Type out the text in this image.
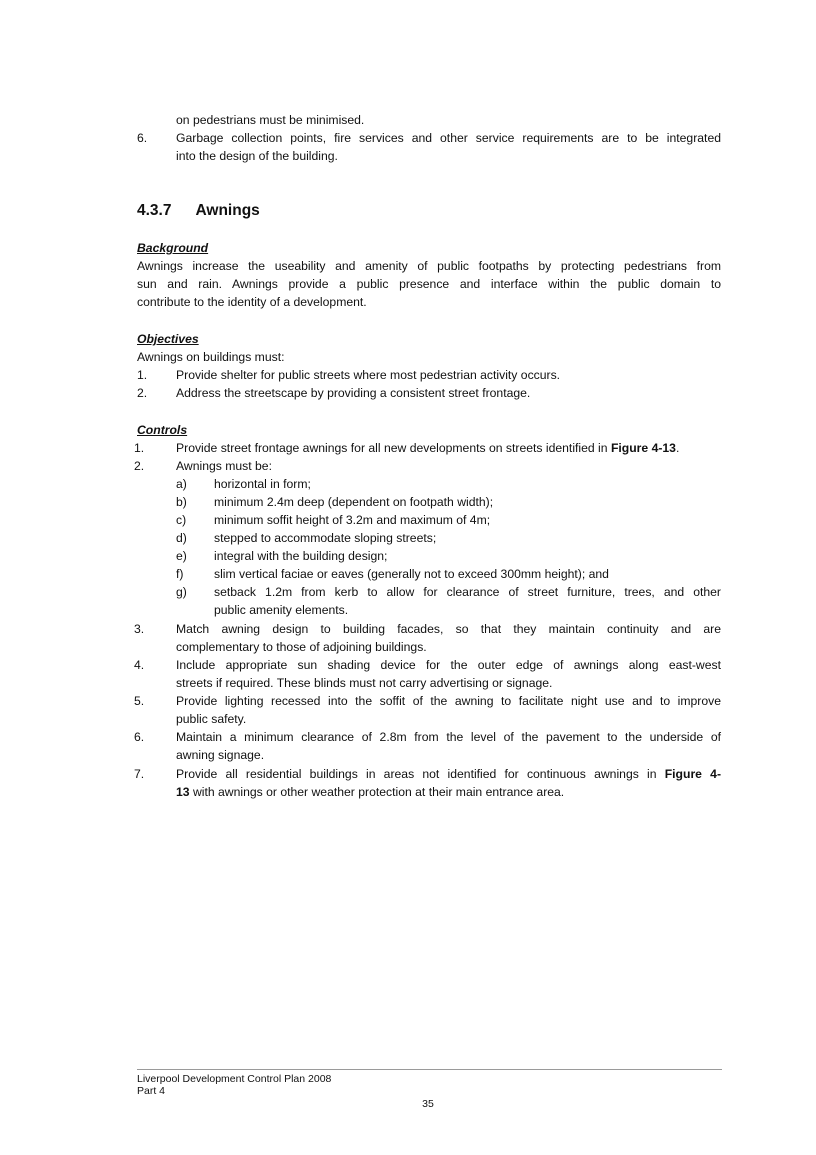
on pedestrians must be minimised.
6. Garbage collection points, fire services and other service requirements are to be integrated
into the design of the building.
4.3.7 Awnings
Background
Awnings increase the useability and amenity of public footpaths by protecting pedestrians from
sun and rain. Awnings provide a public presence and interface within the public domain to
contribute to the identity of a development.
Objectives
Awnings on buildings must:
1. Provide shelter for public streets where most pedestrian activity occurs.
2. Address the streetscape by providing a consistent street frontage.
Controls
1.	Provide street frontage awnings for all new developments on streets identified in Figure 4-13.
2.	Awnings must be:
a) horizontal in form;
b) minimum 2.4m deep (dependent on footpath width);
c) minimum soffit height of 3.2m and maximum of 4m;
d) stepped to accommodate sloping streets;
e) integral with the building design;
f)	slim vertical faciae or eaves (generally not to exceed 300mm height); and
g) setback 1.2m from kerb to allow for clearance of street furniture, trees, and other
public amenity elements.
3.	Match awning design to building facades, so that they maintain continuity and are
complementary to those of adjoining buildings.
4.	Include appropriate sun shading device for the outer edge of awnings along east-west
streets if required. These blinds must not carry advertising or signage.
5.	Provide lighting recessed into the soffit of the awning to facilitate night use and to improve
public safety.
6.	Maintain a minimum clearance of 2.8m from the level of the pavement to the underside of
awning signage.
7.	Provide all residential buildings in areas not identified for continuous awnings in Figure 4-
13 with awnings or other weather protection at their main entrance area.
Liverpool Development Control Plan 2008
Part 4
35
